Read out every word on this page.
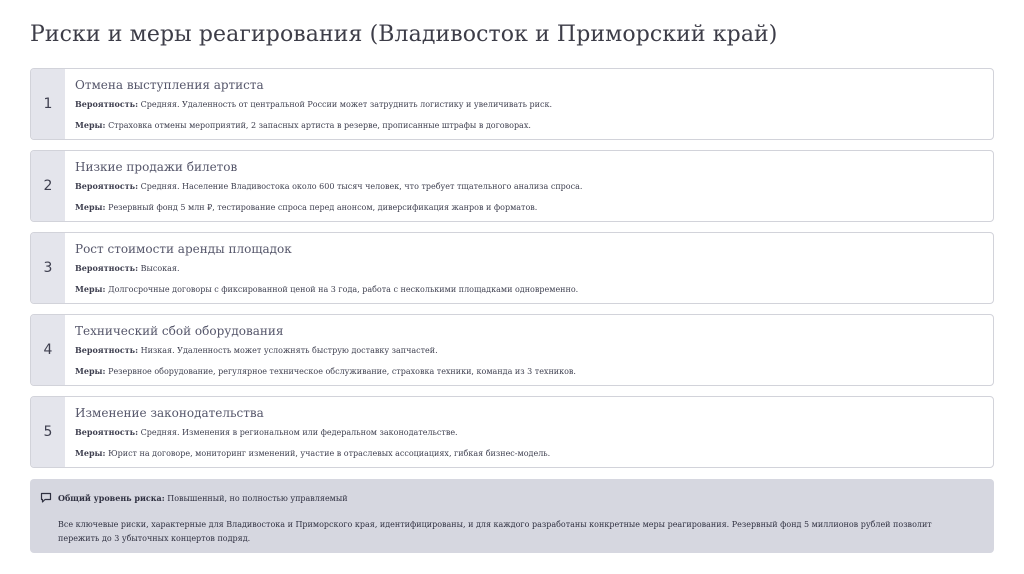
Риски и меры реагирования (Владивосток и Приморский край)
1

Отмена выступления артиста

Вероятность: Средняя. Удаленность от центральной России может затруднить логистику и увеличивать риск.

Меры: Страховка отмены мероприятий, 2 запасных артиста в резерве, прописанные штрафы в договорах.

2

Низкие продажи билетов

Вероятность: Средняя. Население Владивостока около 600 тысяч человек, что требует тщательного анализа спроса.

Меры: Резервный фонд 5 млн ₽, тестирование спроса перед анонсом, диверсификация жанров и форматов.

3

Рост стоимости аренды площадок

Вероятность: Высокая.

Меры: Долгосрочные договоры с фиксированной ценой на 3 года, работа с несколькими площадками одновременно.

4

Технический сбой оборудования

Вероятность: Низкая. Удаленность может усложнять быструю доставку запчастей.

Меры: Резервное оборудование, регулярное техническое обслуживание, страховка техники, команда из 3 техников.

5

Изменение законодательства

Вероятность: Средняя. Изменения в региональном или федеральном законодательстве.

Меры: Юрист на договоре, мониторинг изменений, участие в отраслевых ассоциациях, гибкая бизнес-модель.

Общий уровень риска:
Повышенный, но полностью управляемый

Все ключевые риски, характерные для Владивостока и Приморского края, идентифицированы, и для каждого разработаны конкретные меры реагирования. Резервный фонд 5 миллионов рублей позволит пережить до 3 убыточных концертов подряд.
